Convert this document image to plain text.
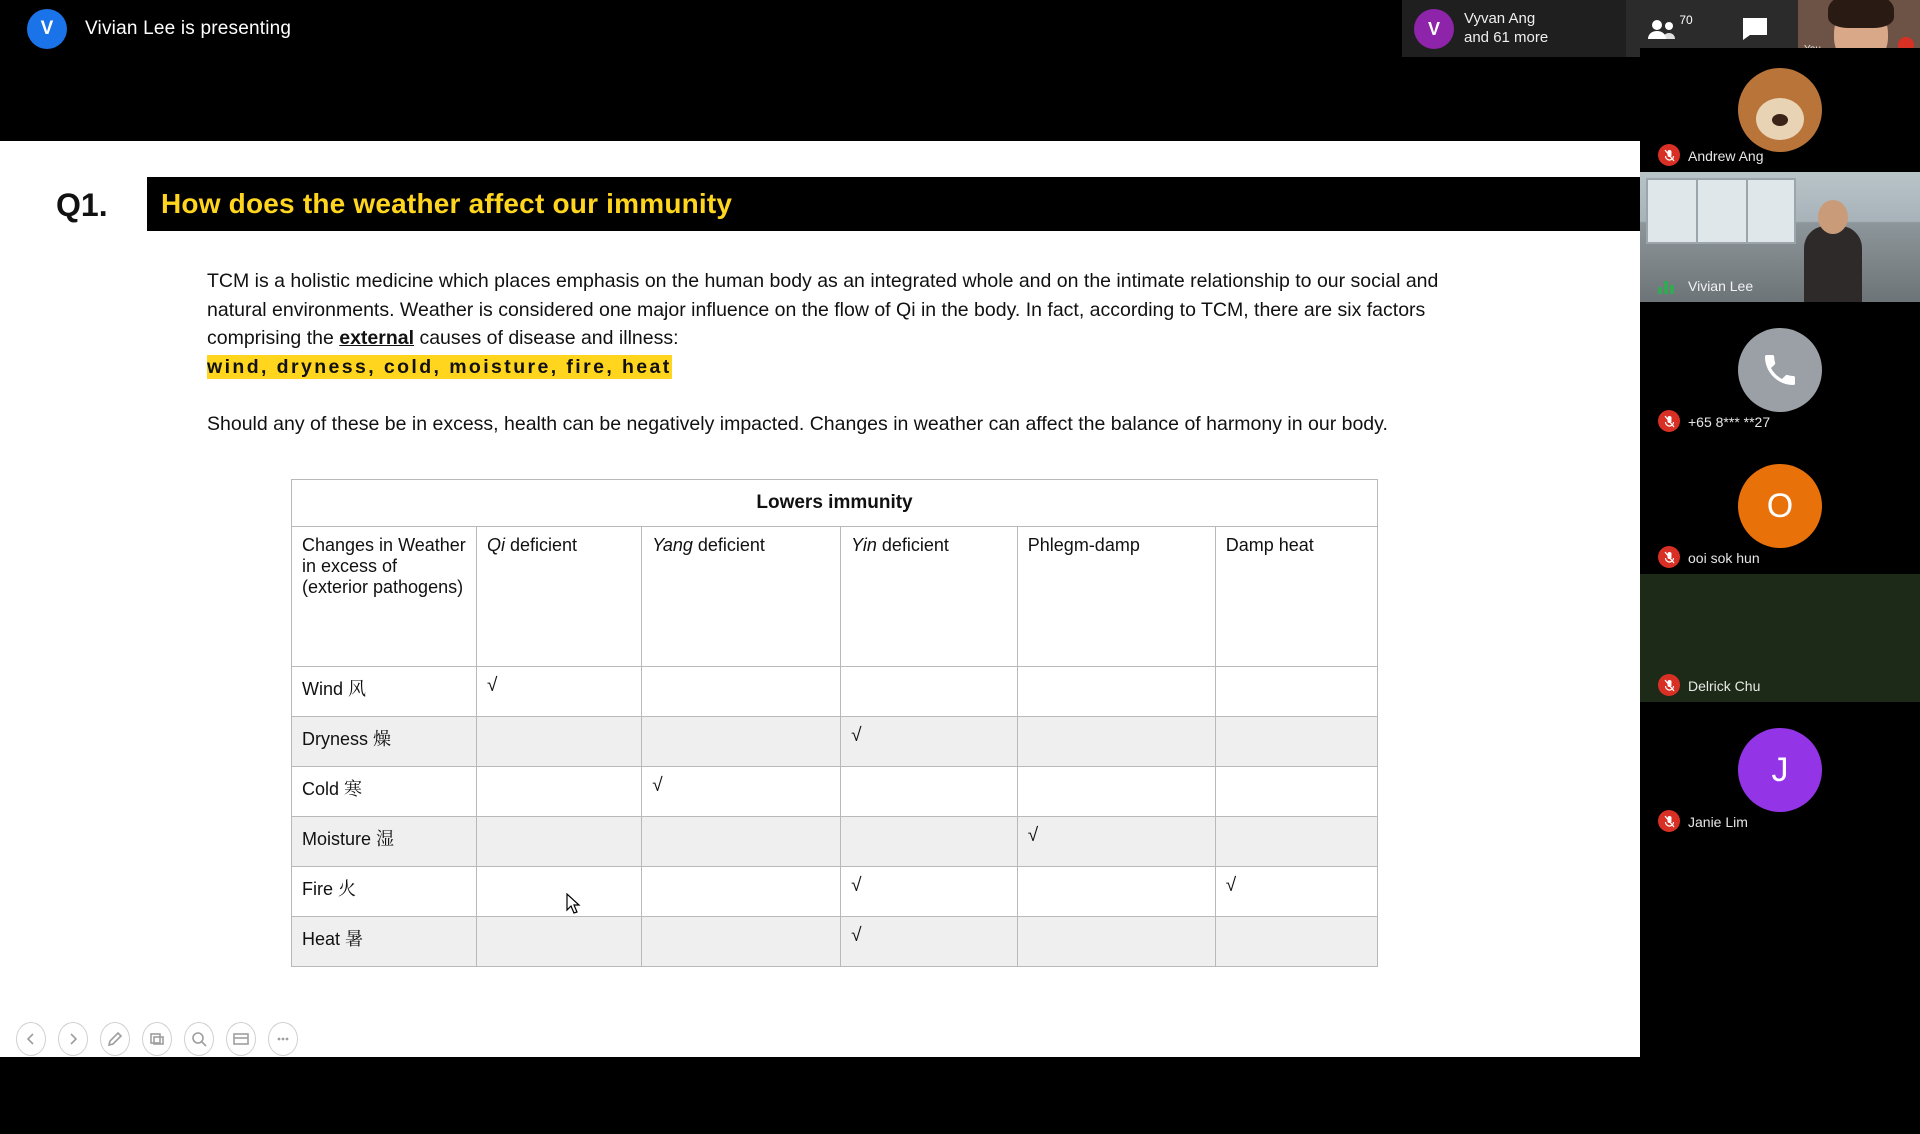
V	Vivian Lee is presenting	V	Vyvan Ang
and 61 more
70
Q1. How does the weather affect our immunity
TCM is a holistic medicine which places emphasis on the human body as an integrated whole and on the intimate relationship to our social and natural environments. Weather is considered one major influence on the flow of Qi in the body. In fact, according to TCM, there are six factors comprising the external causes of disease and illness:
wind, dryness, cold, moisture, fire, heat
Should any of these be in excess, health can be negatively impacted. Changes in weather can affect the balance of harmony in our body.
Lowers immunity					
Changes in Weather in excess of (exterior pathogens)	Qi deficient	Yang deficient	Yin deficient	Phlegm-damp	Damp heat
Wind 风	√				
Dryness 燥			√		
Cold 寒		√			
Moisture 湿				√	
Fire 火			√		√
Heat 暑			√		
Andrew Ang
Vivian Lee
+65 8*** **27
O
ooi sok hun
Delrick Chu
J
Janie Lim
